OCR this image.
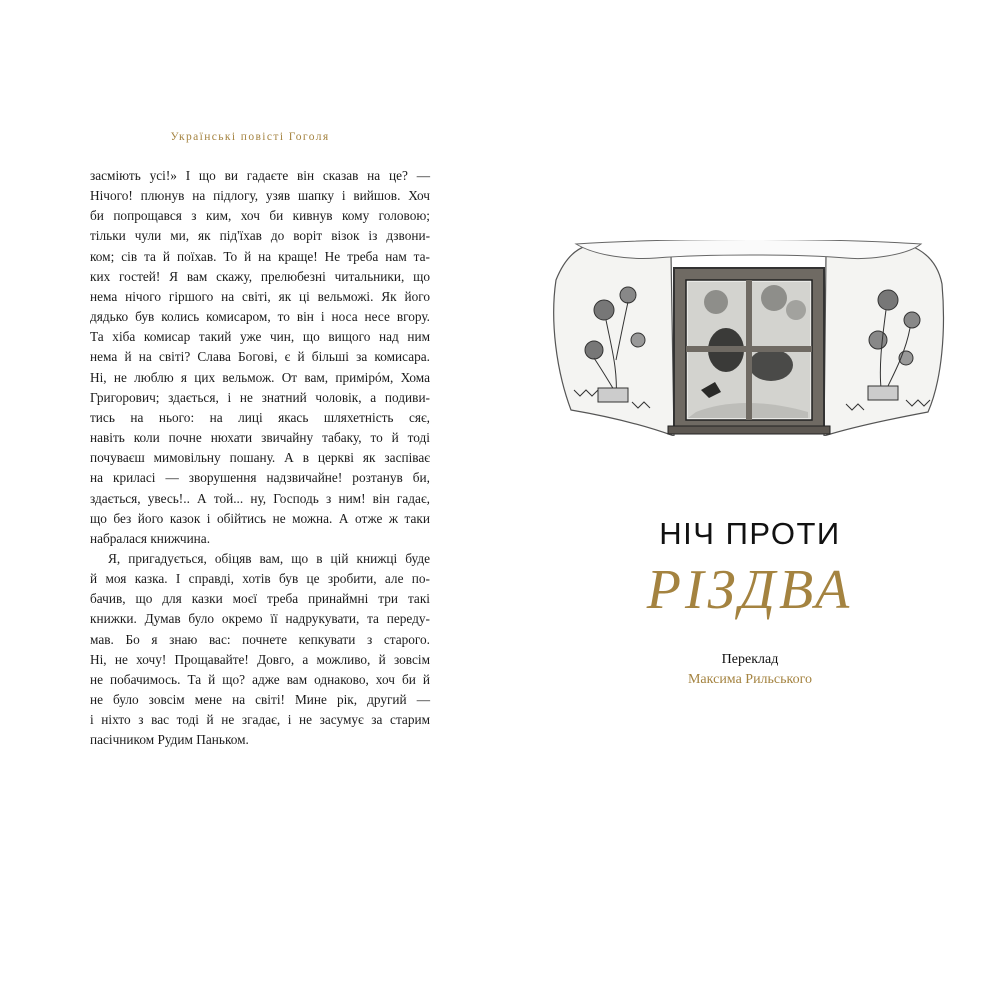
Українські повісті Гоголя
засміють усі!» І що ви гадаєте він сказав на це? —
Нічого! плюнув на підлогу, узяв шапку і вийшов. Хоч
би попрощався з ким, хоч би кивнув кому головою;
тільки чули ми, як під'їхав до воріт візок із дзвони-
ком; сів та й поїхав. То й на краще! Не треба нам та-
ких гостей! Я вам скажу, прелюбезні читальники, що
нема нічого гіршого на світі, як ці вельможі. Як його
дядько був колись комисаром, то він і носа несе вгору.
Та хіба комисар такий уже чин, що вищого над ним
нема й на світі? Слава Богові, є й більші за комисара.
Ні, не люблю я цих вельмож. От вам, примірóм, Хома
Григорович; здається, і не знатний чоловік, а подиви-
тись на нього: на лиці якась шляхетність сяє,
навіть коли почне нюхати звичайну табаку, то й тоді
почуваєш мимовільну пошану. А в церкві як заспіває
на криласі — зворушення надзвичайне! розтанув би,
здається, увесь!.. А той... ну, Господь з ним! він гадає,
що без його казок і обійтись не можна. А отже ж таки
набралася книжчина.
Я, пригадується, обіцяв вам, що в цій книжці буде
й моя казка. І справді, хотів був це зробити, але по-
бачив, що для казки моєї треба принаймні три такі
книжки. Думав було окремо її надрукувати, та переду-
мав. Бо я знаю вас: почнете кепкувати з старого.
Ні, не хочу! Прощавайте! Довго, а можливо, й зовсім
не побачимось. Та й що? адже вам однаково, хоч би й
не було зовсім мене на світі! Мине рік, другий —
і ніхто з вас тоді й не згадає, і не засумує за старим
пасічником Рудим Паньком.
НІЧ ПРОТИ
РІЗДВА
Переклад
Максима Рильського
